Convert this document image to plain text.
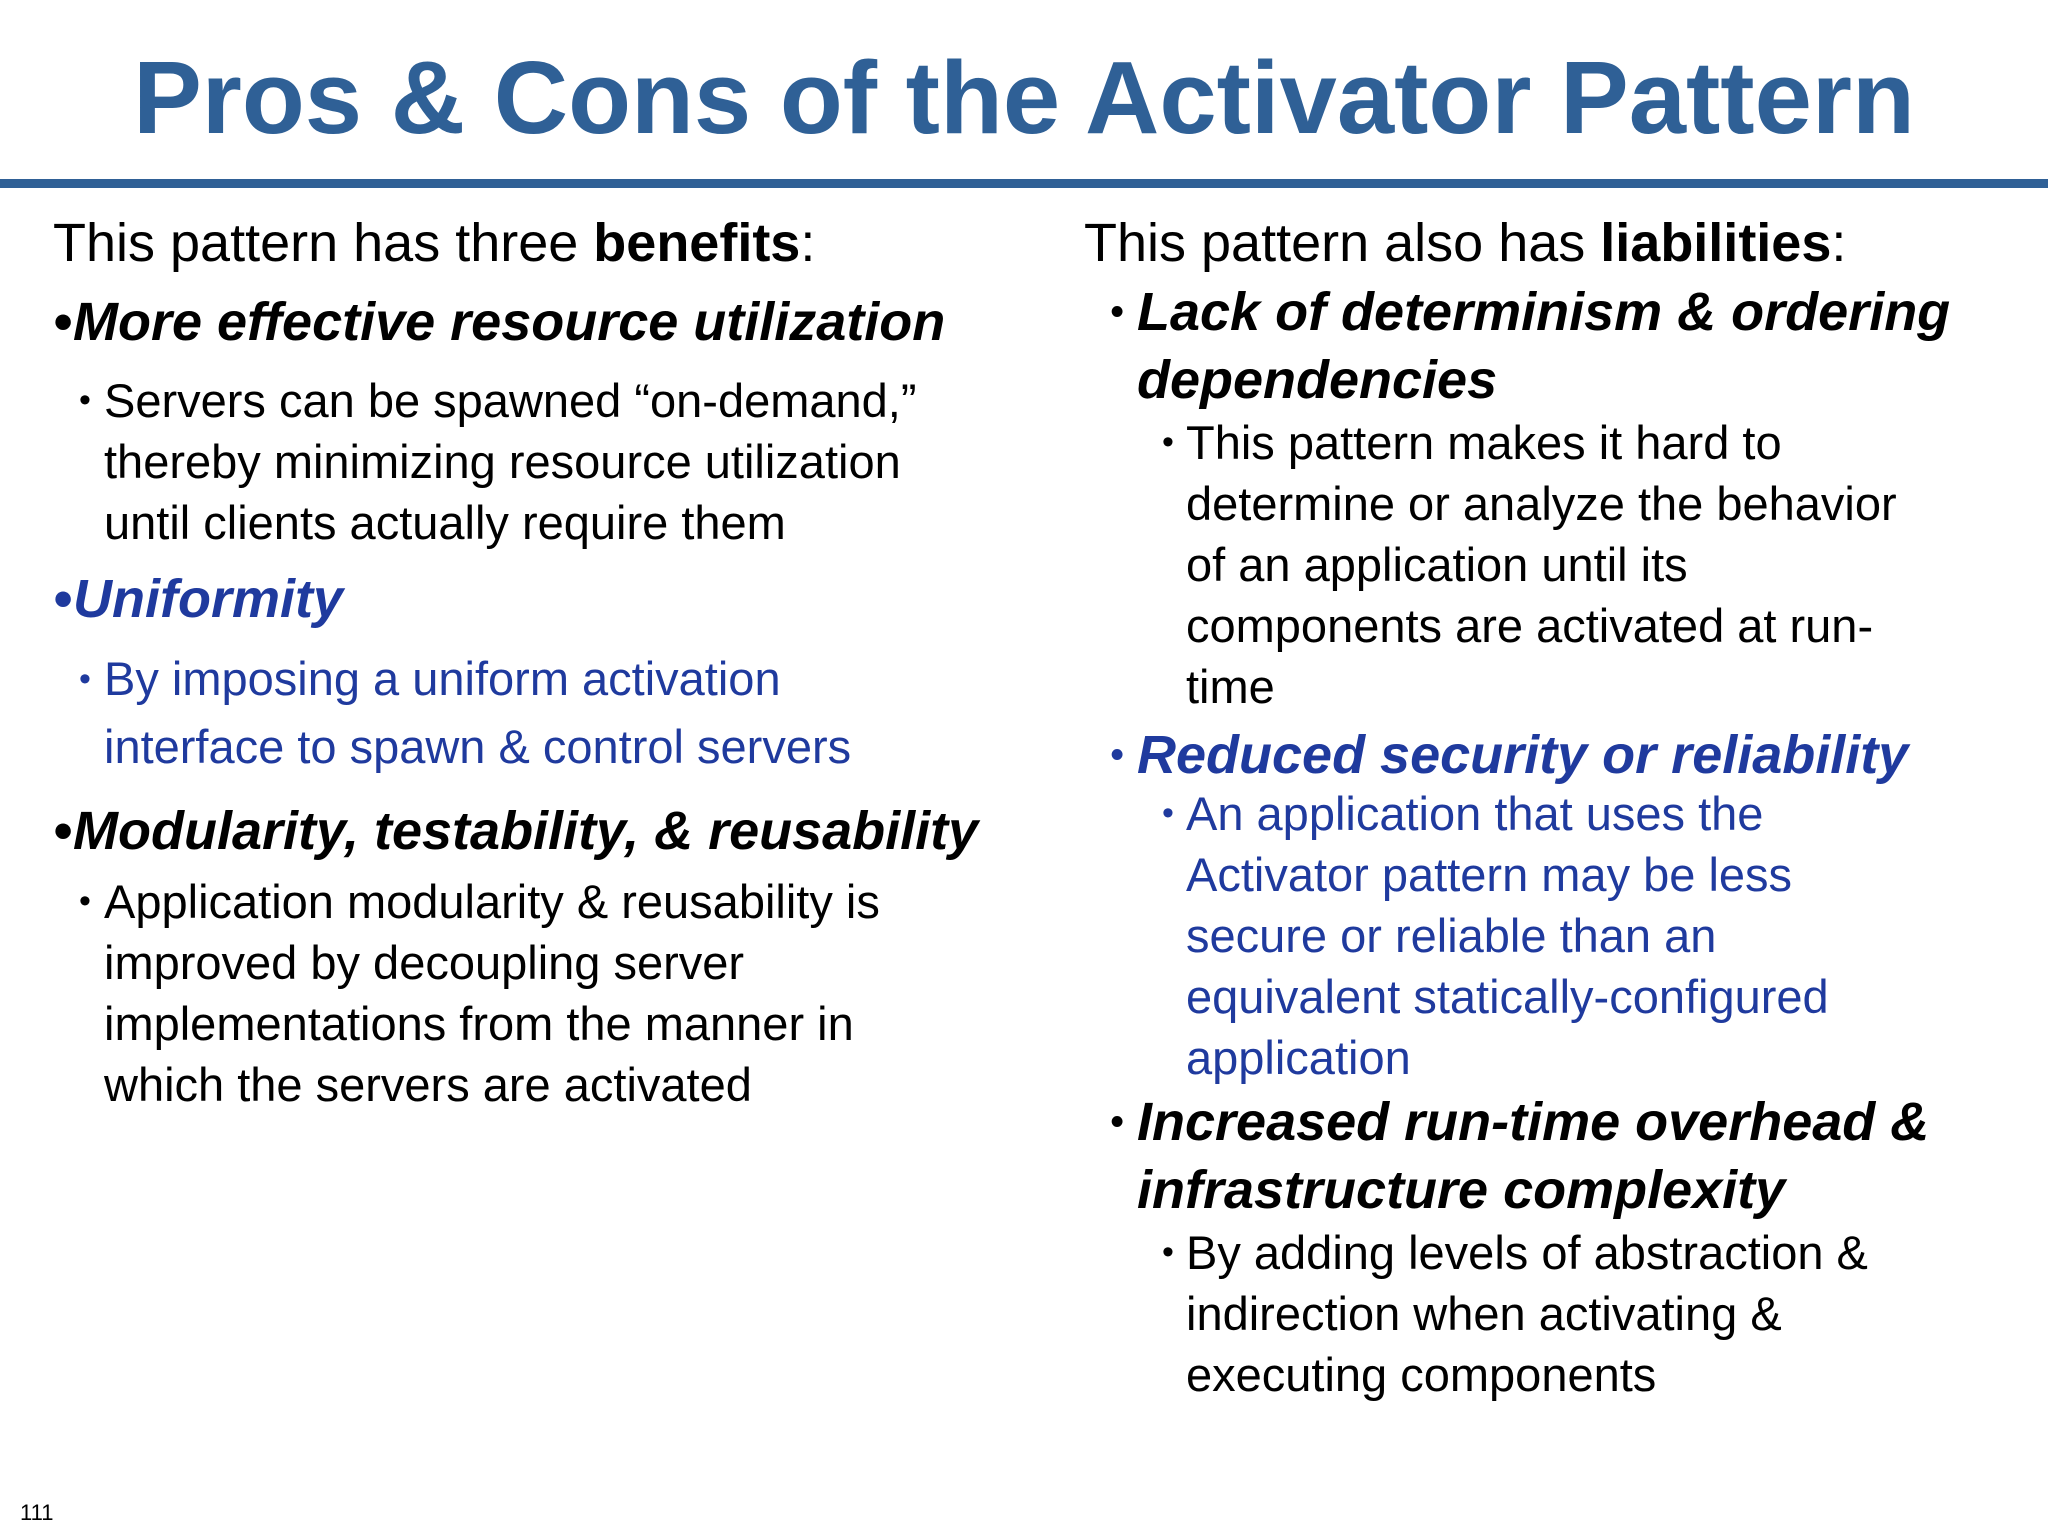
Pros & Cons of the Activator Pattern
This pattern has three benefits:
• More effective resource utilization
• Servers can be spawned “on-demand,”
thereby minimizing resource utilization
until clients actually require them
• Uniformity
• By imposing a uniform activation
interface to spawn & control servers
• Modularity, testability, & reusability
• Application modularity & reusability is
improved by decoupling server
implementations from the manner in
which the servers are activated
This pattern also has liabilities:
• Lack of determinism & ordering
dependencies
• This pattern makes it hard to
determine or analyze the behavior
of an application until its
components are activated at run-
time
• Reduced security or reliability
• An application that uses the
Activator pattern may be less
secure or reliable than an
equivalent statically-configured
application
• Increased run-time overhead &
infrastructure complexity
• By adding levels of abstraction &
indirection when activating &
executing components
111
